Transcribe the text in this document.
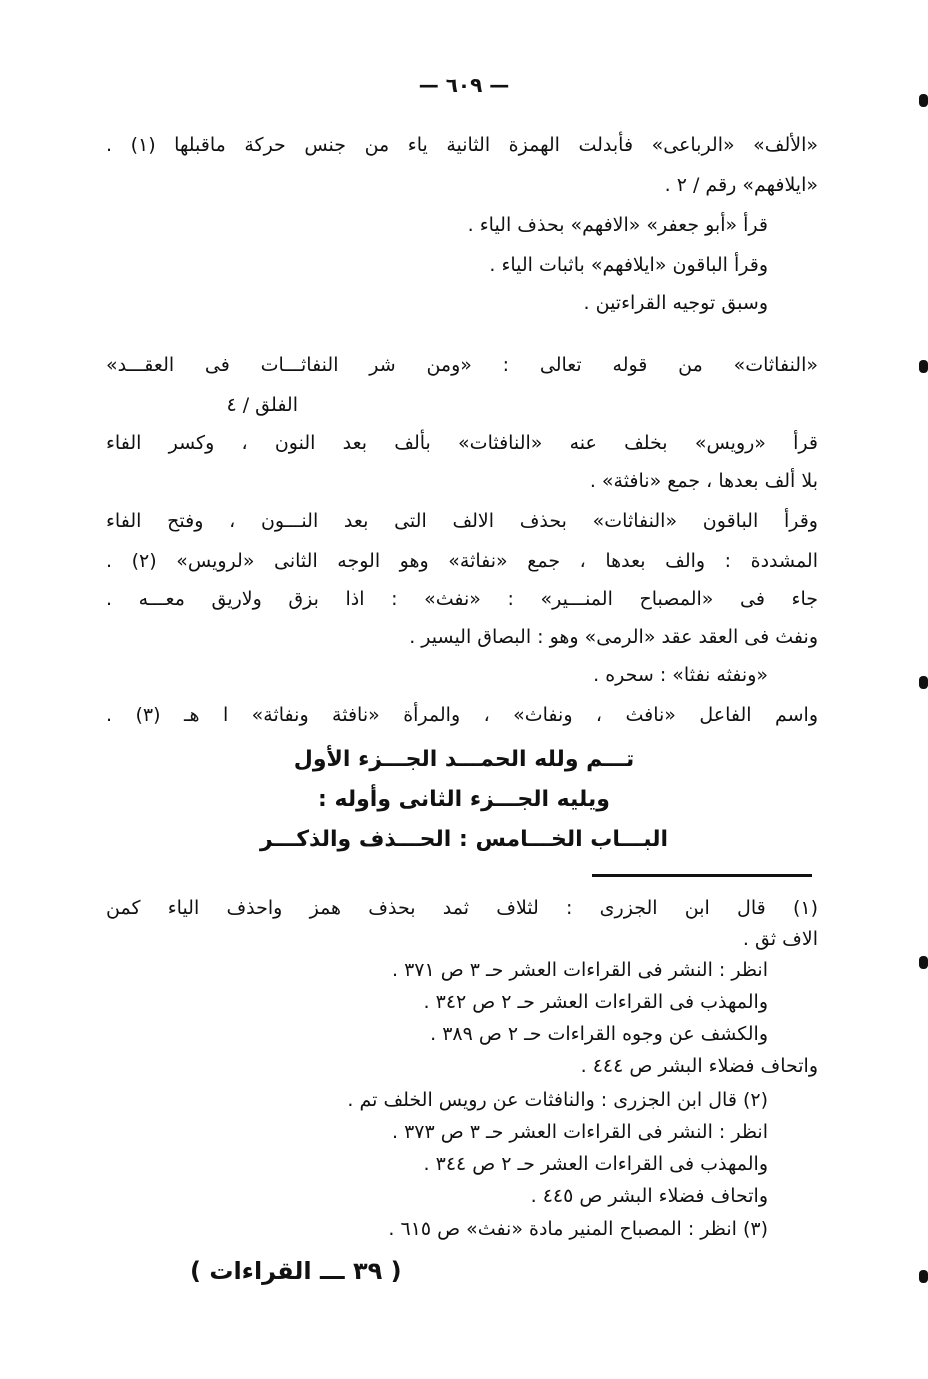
— ٦٠٩ —
«الألف» «الرباعى» فأبدلت الهمزة الثانية ياء من جنس حركة ماقبلها (١) .
«ايلافهم» رقم / ٢ .
قرأ «أبو جعفر» «الافهم» بحذف الياء .
وقرأ الباقون «ايلافهم» باثبات الياء .
وسبق توجيه القراءتين .
«النفاثات» من قوله تعالى : «ومن شر النفاثـــات فى العقـــد»
الفلق / ٤
قرأ «رويس» بخلف عنه «النافثات» بألف بعد النون ، وكسر الفاء
بلا ألف بعدها ، جمع «نافثة» .
وقرأ الباقون «النفاثات» بحذف الالف التى بعد النـــون ، وفتح الفاء
المشددة : والف بعدها ، جمع «نفاثة» وهو الوجه الثانى «لرويس» (٢) .
جاء فى «المصباح المنـــير» : «نفث» : اذا بزق ولاريق معـــه .
ونفث فى العقد عقد «الرمى» وهو : البصاق اليسير .
«ونفثه نفثا» : سحره .
واسم الفاعل «نافث ، ونفاث» ، والمرأة «نافثة ونفاثة» ا هـ (٣) .
تـــم ولله الحمـــد الجـــزء الأول
ويليه الجـــزء الثانى وأوله :
البـــاب الخـــامس : الحـــذف والذكـــر
(١) قال ابن الجزرى : لثلاف ثمد بحذف همز واحذف الياء كمن
الاف ثق .
انظر : النشر فى القراءات العشر حـ ٣ ص ٣٧١ .
والمهذب فى القراءات العشر حـ ٢ ص ٣٤٢ .
والكشف عن وجوه القراءات حـ ٢ ص ٣٨٩ .
واتحاف فضلاء البشر ص ٤٤٤ .
(٢) قال ابن الجزرى : والنافثات عن رويس الخلف تم .
انظر : النشر فى القراءات العشر حـ ٣ ص ٣٧٣ .
والمهذب فى القراءات العشر حـ ٢ ص ٣٤٤ .
واتحاف فضلاء البشر ص ٤٤٥ .
(٣) انظر : المصباح المنير مادة «نفث» ص ٦١٥ .
( ٣٩ ـــ القراءات )
